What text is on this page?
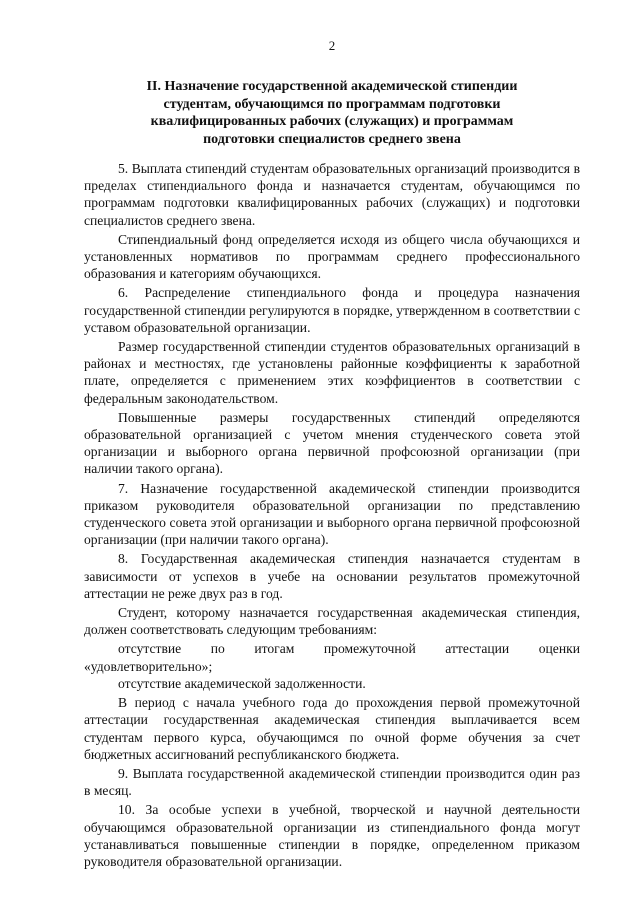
2
II. Назначение государственной академической стипендии
студентам, обучающимся по программам подготовки
квалифицированных рабочих (служащих) и программам
подготовки специалистов среднего звена

5. Выплата стипендий студентам образовательных организаций производится в пределах стипендиального фонда и назначается студентам, обучающимся по программам подготовки квалифицированных рабочих (служащих) и подготовки специалистов среднего звена.

Стипендиальный фонд определяется исходя из общего числа обучающихся и установленных нормативов по программам среднего профессионального образования и категориям обучающихся.

6. Распределение стипендиального фонда и процедура назначения государственной стипендии регулируются в порядке, утвержденном в соответствии с уставом образовательной организации.

Размер государственной стипендии студентов образовательных организаций в районах и местностях, где установлены районные коэффициенты к заработной плате, определяется с применением этих коэффициентов в соответствии с федеральным законодательством.

Повышенные размеры государственных стипендий определяются образовательной организацией с учетом мнения студенческого совета этой организации и выборного органа первичной профсоюзной организации (при наличии такого органа).

7. Назначение государственной академической стипендии производится приказом руководителя образовательной организации по представлению студенческого совета этой организации и выборного органа первичной профсоюзной организации (при наличии такого органа).

8. Государственная академическая стипендия назначается студентам в зависимости от успехов в учебе на основании результатов промежуточной аттестации не реже двух раз в год.

Студент, которому назначается государственная академическая стипендия, должен соответствовать следующим требованиям:

отсутствие по итогам промежуточной аттестации оценки «удовлетворительно»;

отсутствие академической задолженности.

В период с начала учебного года до прохождения первой промежуточной аттестации государственная академическая стипендия выплачивается всем студентам первого курса, обучающимся по очной форме обучения за счет бюджетных ассигнований республиканского бюджета.

9. Выплата государственной академической стипендии производится один раз в месяц.

10. За особые успехи в учебной, творческой и научной деятельности обучающимся образовательной организации из стипендиального фонда могут устанавливаться повышенные стипендии в порядке, определенном приказом руководителя образовательной организации.
